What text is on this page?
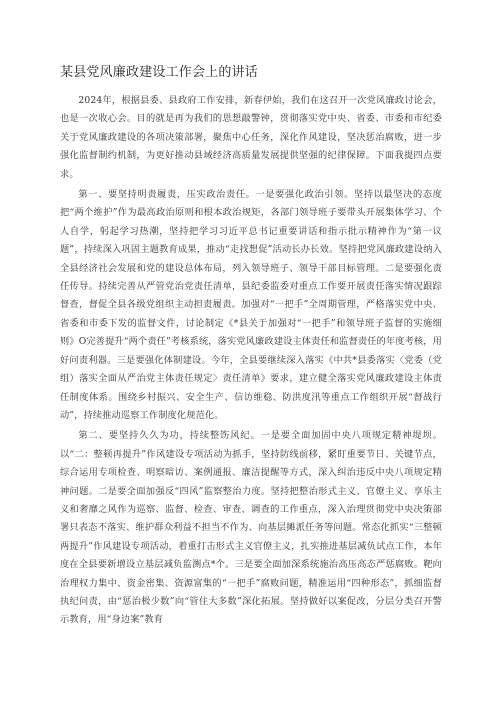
某县党风廉政建设工作会上的讲话

2024年，根据县委、县政府工作安排，新春伊始，我们在这召开一次党风廉政讨论会，也是一次收心会。目的就是再为我们的思想敲警钟，贯彻落实党中央、省委、市委和市纪委关于党风廉政建设的各项决策部署，聚焦中心任务，深化作风建设，坚决惩治腐败，进一步强化监督制约机制，为更好推动县域经济高质量发展提供坚强的纪律保障。下面我提四点要求。

第一、要坚持明责履责，压实政治责任。一是要强化政治引领。坚持以最坚决的态度把“两个维护”作为最高政治原则和根本政治规矩，各部门领导班子要带头开展集体学习、个人自学，躬起学习热潮，坚持把学习习近平总书记重要讲话和指示批示精神作为“第一议题”，持续深入巩固主题教育成果，推动“走找想促”活动长办长效。坚持把党风廉政建设纳入全县经济社会发展和党的建设总体布局，列入领导班子、领导干部目标管理。二是要强化责任传导。持续完善从严管党治党责任清单，县纪委监委对重点工作要开展责任落实情况跟踪督查，督促全县各级党组织主动担责履责。加强对“一把手”全周期管理，严格落实党中央、省委和市委下发的监督文件，讨论制定《*县关于加强对“一把手”和领导班子监督的实施细则》O完善提升“两个责任”考核系统，落实党风廉政建设主体责任和监督责任的年度考核，用好问责利器。三是要强化体制建设。今年，全县要继续深入落实《中共*县委落实〈党委（党组）落实全面从严治党主体责任规定〉责任清单》要求，建立健全落实党风廉政建设主体责任制度体系。围绕乡村振兴、安全生产、信访维稳、防洪度汛等重点工作组织开展“督战行动”，持续推动巡察工作制度化规范化。

第二、要坚持久久为功，持续整饬风纪。一是要全面加固中央八项规定精神堤坝。以“二：整顿再提升”作风建设专项活动为抓手，坚持防线前移，紧盯重要节日、关键节点，综合运用专项检查、明察暗访、案例通报、廉洁提醒等方式，深入纠治违反中央八项规定精神问题。二是要全面加强反“四风”监察整治力度。坚持把整治形式主义、官僚主义、享乐主义和奢靡之风作为巡察、监督、检查、审查、调查的工作重点，深入治理贯彻党中央决策部署只表态不落实、维护群众利益不担当不作为、向基层摊派任务等问题。常态化抓实“三整顿两提升”作风建设专项活动，着重打击形式主义官僚主义，扎实推进基层减负试点工作，本年度在全县要新增设立基层减负监测点*个。三是要全面加深系统施治高压高态严惩腐败。靶向治理权力集中、资金密集、资源富集的“一把手”腐败问题，精准运用“四种形态”，抓细监督执纪问责，由“惩治极少数”向“管住大多数”深化拓展。坚持做好以案促改，分层分类召开警示教育，用“身边案”教育
